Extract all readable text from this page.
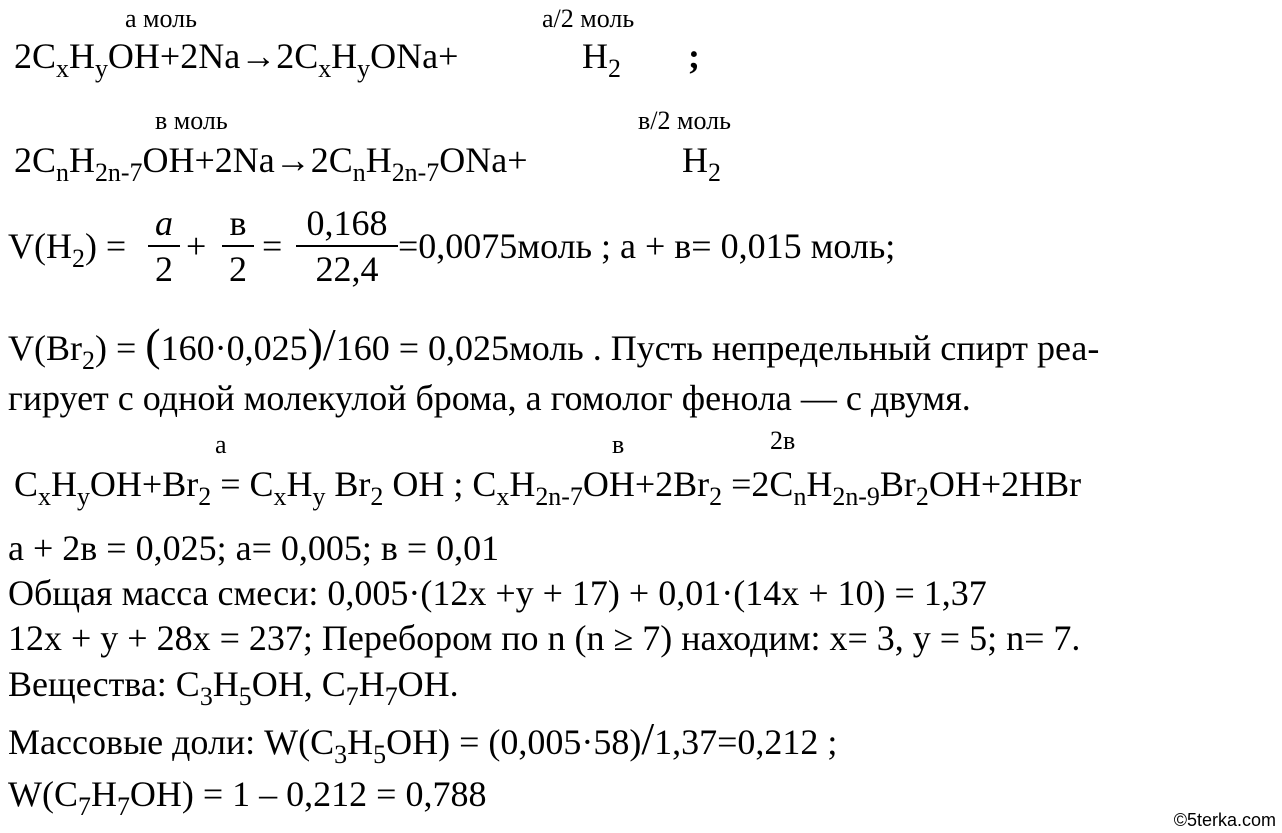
а моль	а/2 моль
$2C_xH_yOH+2Na\to 2C_xH_yONa+$	$H_2$ ;
в моль	в/2 моль
$2C_nH_{2n-7}OH+2Na\to 2C_nH_{2n-7}ONa+$	$H_2$
$V(H_2)$ =
a
2
+
в
2
=
0,168
22,4
=0,0075моль ; а + в= 0,015 моль;
$V(Br_2) = (160\cdot 0,025)/160$ = 0,025моль . Пусть непредельный спирт реа-
гирует с одной молекулой брома, а гомолог фенола — с двумя.
а	в	2в
$C_xH_yOH+Br_2 = C_xH_y$ $Br_2$ OH ; $C_xH_{2n-7}OH+2Br_2 =2C_nH_{2n-9}Br_2OH+2HBr$
а + 2в = 0,025; а= 0,005; в = 0,01
Общая масса смеси: 0,005·(12x +y + 17) + 0,01·(14x + 10) = 1,37
12x + y + 28x = 237; Перебором по n (n ≥ 7) находим: x= 3, y = 5; n= 7.
Вещества: $C_3H_5OH$, $C_7H_7OH$.
Массовые доли: $W(C_3H_5OH) = (0,005\cdot 58)/1,37=0,212$ ;
$W(C_7H_7OH) = 1 - 0,212 = 0,788$
©5terka.com
